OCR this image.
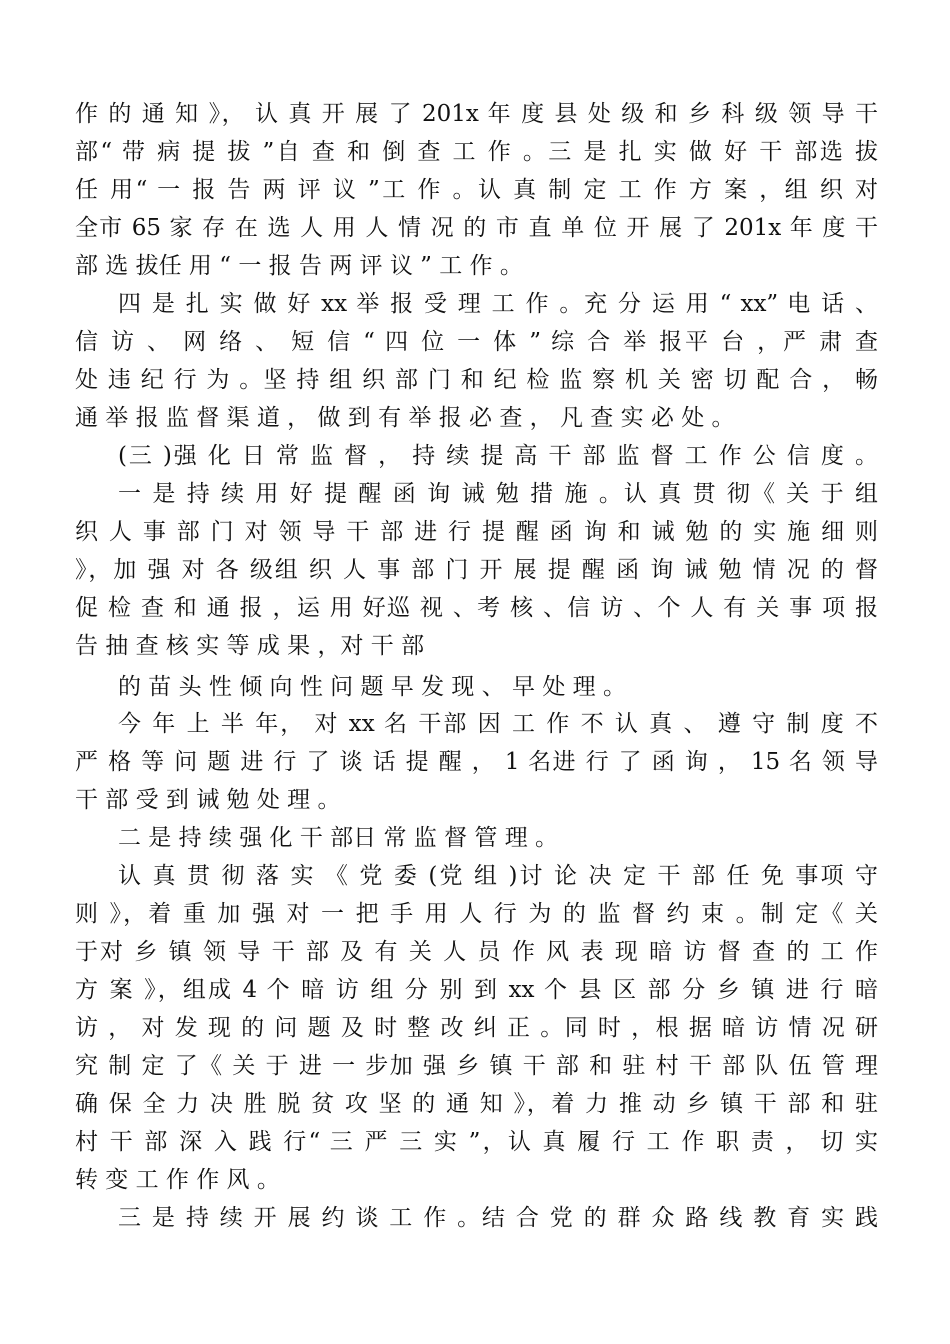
作 的 通 知 》， 认 真 开 展 了 201x 年 度 县 处 级 和 乡 科 级 领 导 干
部“ 带 病 提 拔 ”自 查 和 倒 查 工 作 。三 是 扎 实 做 好 干 部选 拔
任 用“ 一 报 告 两 评 议 ”工 作 。认 真 制 定 工 作 方 案 ，组 织 对
全市 65 家 存 在 选 人 用 人 情 况 的 市 直 单 位 开 展 了 201x 年 度 干
部 选 拔任 用 “ 一 报 告 两 评 议 ” 工 作 。
四 是 扎 实 做 好 xx 举 报 受 理 工 作 。充 分 运 用 “ xx” 电 话 、
信 访 、 网 络 、 短 信 “ 四 位 一 体 ” 综 合 举 报平 台 ，严 肃 查
处 违 纪 行 为 。坚 持 组 织 部 门 和 纪 检 监 察 机 关 密 切 配 合 ， 畅
通 举 报 监 督 渠 道 ， 做 到 有 举 报 必 查 ， 凡 查 实 必 处 。
(三 )强 化 日 常 监 督 ， 持 续 提 高 干 部 监 督 工 作 公 信 度 。
一 是 持 续 用 好 提 醒 函 询 诫 勉 措 施 。认 真 贯 彻《 关 于 组
织 人 事 部 门 对 领 导 干 部 进 行 提 醒 函 询 和 诫 勉 的 实 施 细 则
》，加 强 对 各 级组 织 人 事 部 门 开 展 提 醒 函 询 诫 勉 情 况 的 督
促 检 查 和 通 报 ，运 用 好巡 视 、考 核 、信 访 、个 人 有 关 事 项 报
告 抽 查 核 实 等 成 果 ，对 干 部
的 苗 头 性 倾 向 性 问 题 早 发 现 、 早 处 理 。
今 年 上 半 年， 对 xx 名 干部 因 工 作 不 认 真 、 遵 守 制 度 不
严 格 等 问 题 进 行 了 谈 话 提 醒 ， 1 名进 行 了 函 询 ， 15 名 领 导
干 部 受 到 诫 勉 处 理 。
二 是 持 续 强 化 干 部日 常 监 督 管 理 。
认 真 贯 彻 落 实 《 党 委 (党 组 )讨 论 决 定 干 部 任 免 事项 守
则 》，着 重 加 强 对 一 把 手 用 人 行 为 的 监 督 约 束 。制 定《 关
于对 乡 镇 领 导 干 部 及 有 关 人 员 作 风 表 现 暗 访 督 查 的 工 作
方 案 》，组成 4 个 暗 访 组 分 别 到 xx 个 县 区 部 分 乡 镇 进 行 暗
访 ， 对 发 现 的 问 题 及 时 整 改 纠 正 。同 时 ，根 据 暗 访 情 况 研
究 制 定 了《 关 于 进 一 步加 强 乡 镇 干 部 和 驻 村 干 部 队 伍 管 理
确 保 全 力 决 胜 脱 贫 攻 坚 的 通 知 》，着 力 推 动 乡 镇 干 部 和 驻
村 干 部 深 入 践 行“ 三 严 三 实 ”，认 真 履 行 工 作 职 责 ， 切 实
转 变 工 作 作 风 。
三 是 持 续 开 展 约 谈 工 作 。结 合 党 的 群 众 路 线 教 育 实 践
